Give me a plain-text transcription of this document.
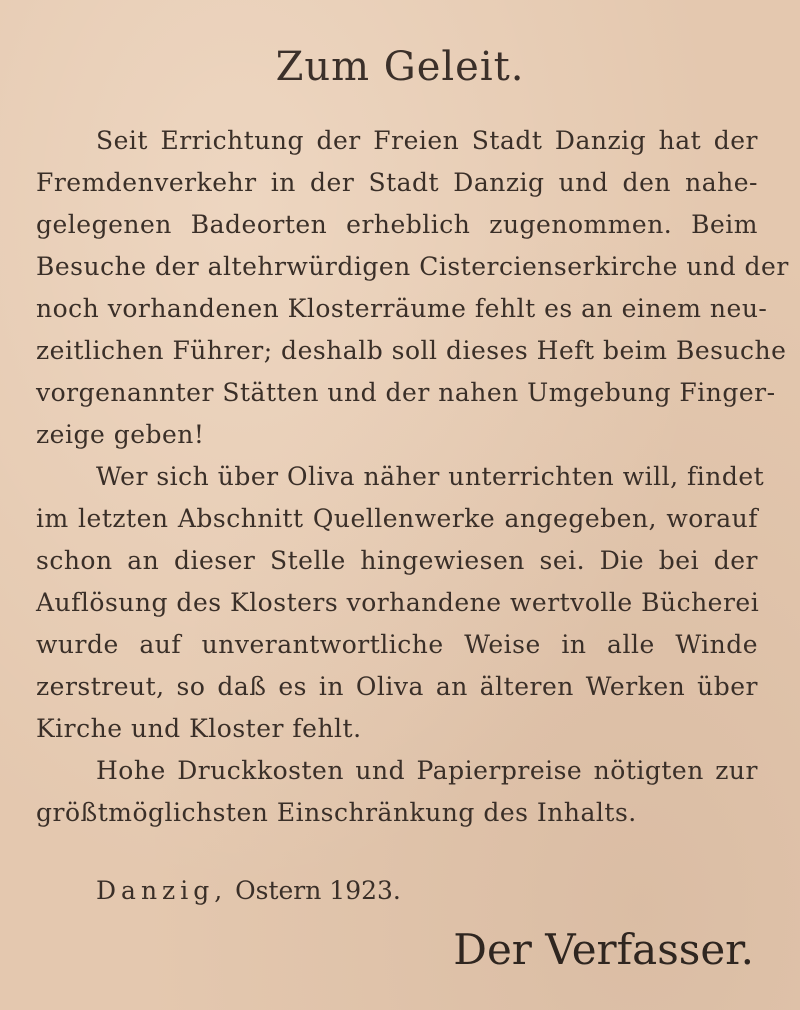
Zum Geleit.
Seit Errichtung der Freien Stadt Danzig hat der
Fremdenverkehr in der Stadt Danzig und den nahe-
gelegenen Badeorten erheblich zugenommen. Beim
Besuche der altehrwürdigen Cistercienserkirche und der
noch vorhandenen Klosterräume fehlt es an einem neu-
zeitlichen Führer; deshalb soll dieses Heft beim Besuche
vorgenannter Stätten und der nahen Umgebung Finger-
zeige geben!
Wer sich über Oliva näher unterrichten will, findet
im letzten Abschnitt Quellenwerke angegeben, worauf
schon an dieser Stelle hingewiesen sei. Die bei der
Auflösung des Klosters vorhandene wertvolle Bücherei
wurde auf unverantwortliche Weise in alle Winde
zerstreut, so daß es in Oliva an älteren Werken über
Kirche und Kloster fehlt.
Hohe Druckkosten und Papierpreise nötigten zur
größtmöglichsten Einschränkung des Inhalts.
Danzig, Ostern 1923.
Der Verfasser.
